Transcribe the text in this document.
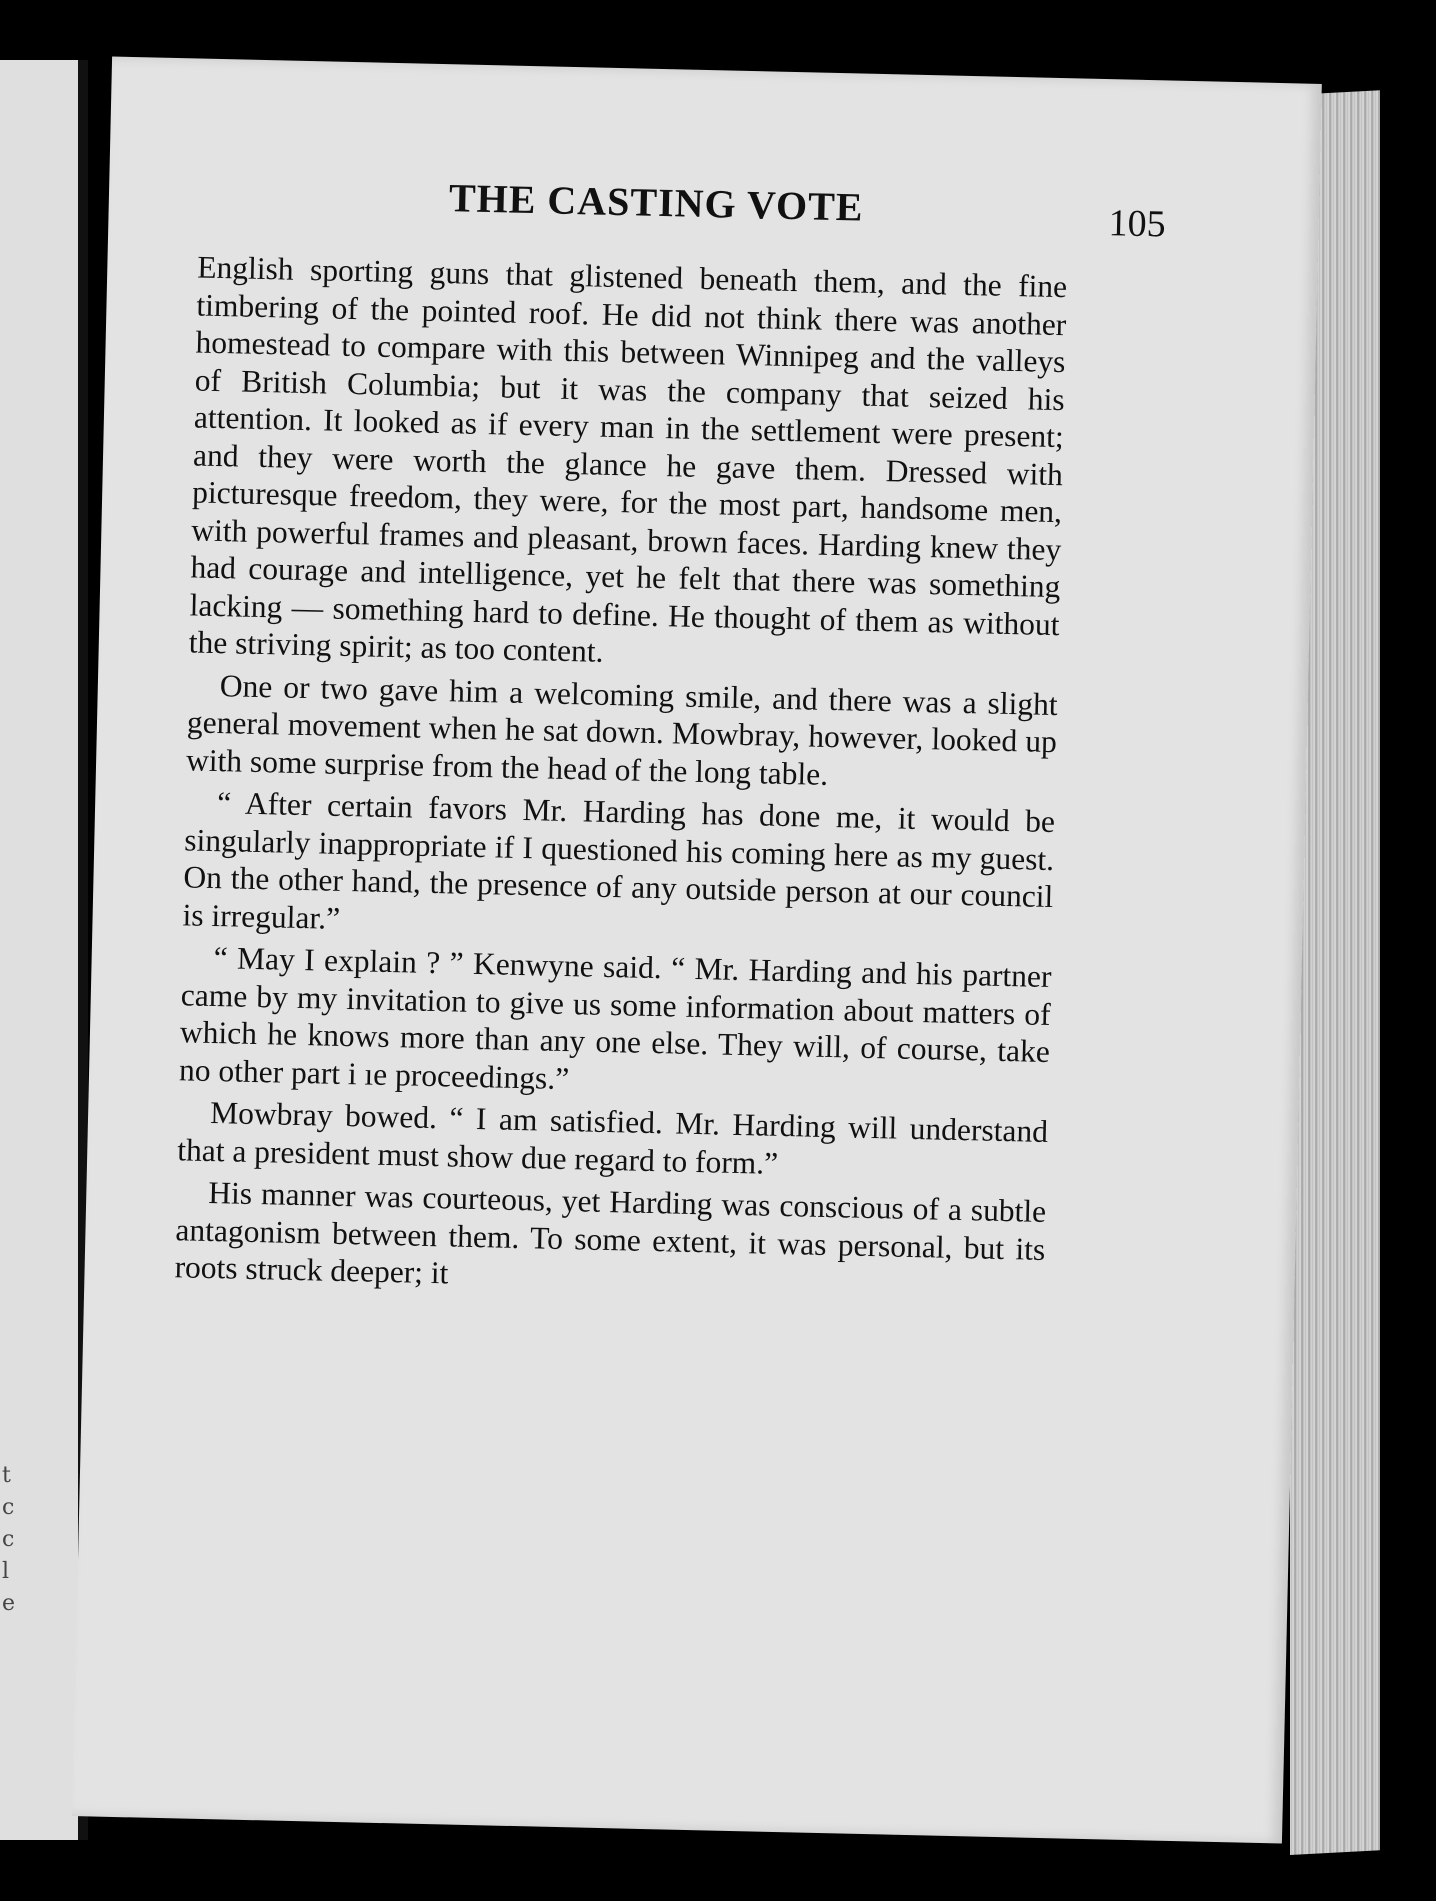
t
c
c
l
e
THE CASTING VOTE	105

English sporting guns that glistened beneath them, and the fine timbering of the pointed roof. He did not think there was another homestead to compare with this between Winnipeg and the valleys of British Columbia; but it was the company that seized his attention. It looked as if every man in the settlement were present; and they were worth the glance he gave them. Dressed with picturesque freedom, they were, for the most part, handsome men, with powerful frames and pleasant, brown faces. Harding knew they had courage and intelligence, yet he felt that there was something lacking — something hard to define. He thought of them as without the striving spirit; as too content.

One or two gave him a welcoming smile, and there was a slight general movement when he sat down. Mowbray, however, looked up with some surprise from the head of the long table.

“ After certain favors Mr. Harding has done me, it would be singularly inappropriate if I questioned his coming here as my guest. On the other hand, the presence of any outside person at our council is irregular.”

“ May I explain ? ” Kenwyne said. “ Mr. Harding and his partner came by my invitation to give us some information about matters of which he knows more than any one else. They will, of course, take no other part i ıe proceedings.”

Mowbray bowed. “ I am satisfied. Mr. Harding will understand that a president must show due regard to form.”

His manner was courteous, yet Harding was conscious of a subtle antagonism between them. To some extent, it was personal, but its roots struck deeper; it
